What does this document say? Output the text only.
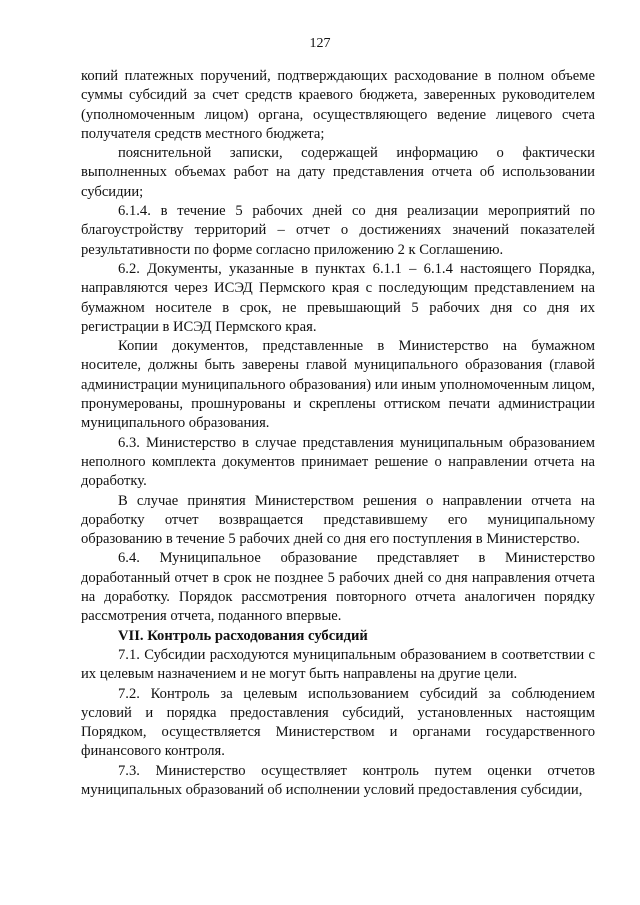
127

копий платежных поручений, подтверждающих расходование в полном объеме суммы субсидий за счет средств краевого бюджета, заверенных руководителем (уполномоченным лицом) органа, осуществляющего ведение лицевого счета получателя средств местного бюджета;

пояснительной записки, содержащей информацию о фактически выполненных объемах работ на дату представления отчета об использовании субсидии;

6.1.4. в течение 5 рабочих дней со дня реализации мероприятий по благоустройству территорий – отчет о достижениях значений показателей результативности по форме согласно приложению 2 к Соглашению.

6.2. Документы, указанные в пунктах 6.1.1 – 6.1.4 настоящего Порядка, направляются через ИСЭД Пермского края с последующим представлением на бумажном носителе в срок, не превышающий 5 рабочих дня со дня их регистрации в ИСЭД Пермского края.

Копии документов, представленные в Министерство на бумажном носителе, должны быть заверены главой муниципального образования (главой администрации муниципального образования) или иным уполномоченным лицом, пронумерованы, прошнурованы и скреплены оттиском печати администрации муниципального образования.

6.3. Министерство в случае представления муниципальным образованием неполного комплекта документов принимает решение о направлении отчета на доработку.

В случае принятия Министерством решения о направлении отчета на доработку отчет возвращается представившему его муниципальному образованию в течение 5 рабочих дней со дня его поступления в Министерство.

6.4. Муниципальное образование представляет в Министерство доработанный отчет в срок не позднее 5 рабочих дней со дня направления отчета на доработку. Порядок рассмотрения повторного отчета аналогичен порядку рассмотрения отчета, поданного впервые.

VII. Контроль расходования субсидий

7.1. Субсидии расходуются муниципальным образованием в соответствии с их целевым назначением и не могут быть направлены на другие цели.

7.2. Контроль за целевым использованием субсидий за соблюдением условий и порядка предоставления субсидий, установленных настоящим Порядком, осуществляется Министерством и органами государственного финансового контроля.

7.3. Министерство осуществляет контроль путем оценки отчетов муниципальных образований об исполнении условий предоставления субсидии,
